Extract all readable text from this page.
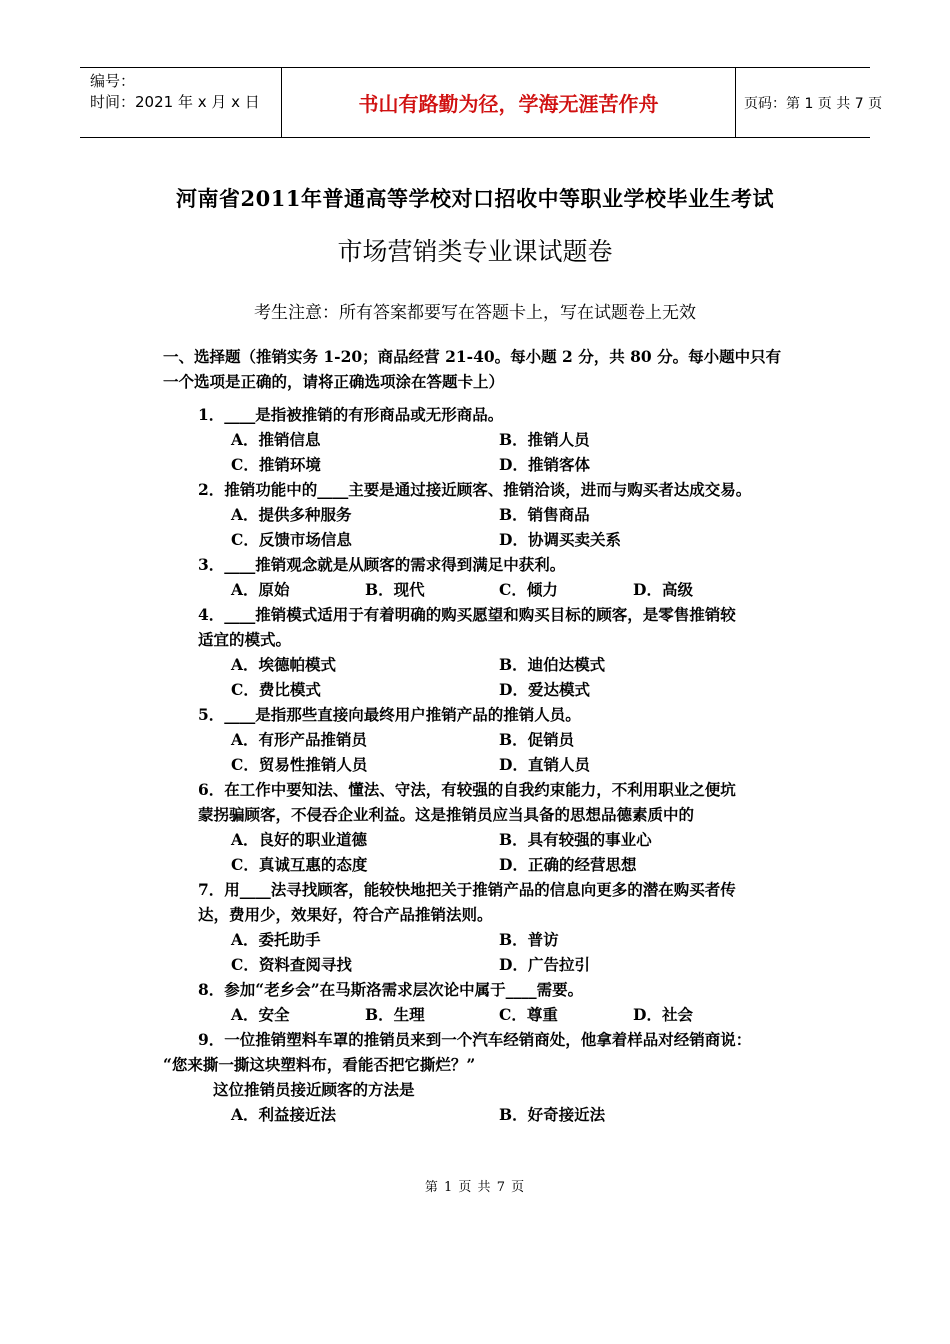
编号：
时间：2021 年 x 月 x 日	书山有路勤为径，学海无涯苦作舟	页码：第 1 页 共 7 页
河南省2011年普通高等学校对口招收中等职业学校毕业生考试
市场营销类专业课试题卷
考生注意：所有答案都要写在答题卡上，写在试题卷上无效
一、选择题（推销实务 1-20；商品经营 21-40。每小题 2 分，共 80 分。每小题中只有
一个选项是正确的，请将正确选项涂在答题卡上）
1．____是指被推销的有形商品或无形商品。
A．推销信息	B．推销人员
C．推销环境	D．推销客体
2．推销功能中的____主要是通过接近顾客、推销洽谈，进而与购买者达成交易。
A．提供多种服务	B．销售商品
C．反馈市场信息	D．协调买卖关系
3．____推销观念就是从顾客的需求得到满足中获利。
A．原始	B．现代	C．倾力	D．高级
4．____推销模式适用于有着明确的购买愿望和购买目标的顾客，是零售推销较
适宜的模式。
A．埃德帕模式	B．迪伯达模式
C．费比模式	D．爱达模式
5．____是指那些直接向最终用户推销产品的推销人员。
A．有形产品推销员	B．促销员
C．贸易性推销人员	D．直销人员
6．在工作中要知法、懂法、守法，有较强的自我约束能力，不利用职业之便坑
蒙拐骗顾客，不侵吞企业利益。这是推销员应当具备的思想品德素质中的
A．良好的职业道德	B．具有较强的事业心
C．真诚互惠的态度	D．正确的经营思想
7．用____法寻找顾客，能较快地把关于推销产品的信息向更多的潜在购买者传
达，费用少，效果好，符合产品推销法则。
A．委托助手	B．普访
C．资料查阅寻找	D．广告拉引
8．参加“老乡会”在马斯洛需求层次论中属于____需要。
A．安全	B．生理	C．尊重	D．社会
9．一位推销塑料车罩的推销员来到一个汽车经销商处，他拿着样品对经销商说：
“您来撕一撕这块塑料布，看能否把它撕烂？”
这位推销员接近顾客的方法是
A．利益接近法	B．好奇接近法
第 1 页 共 7 页
